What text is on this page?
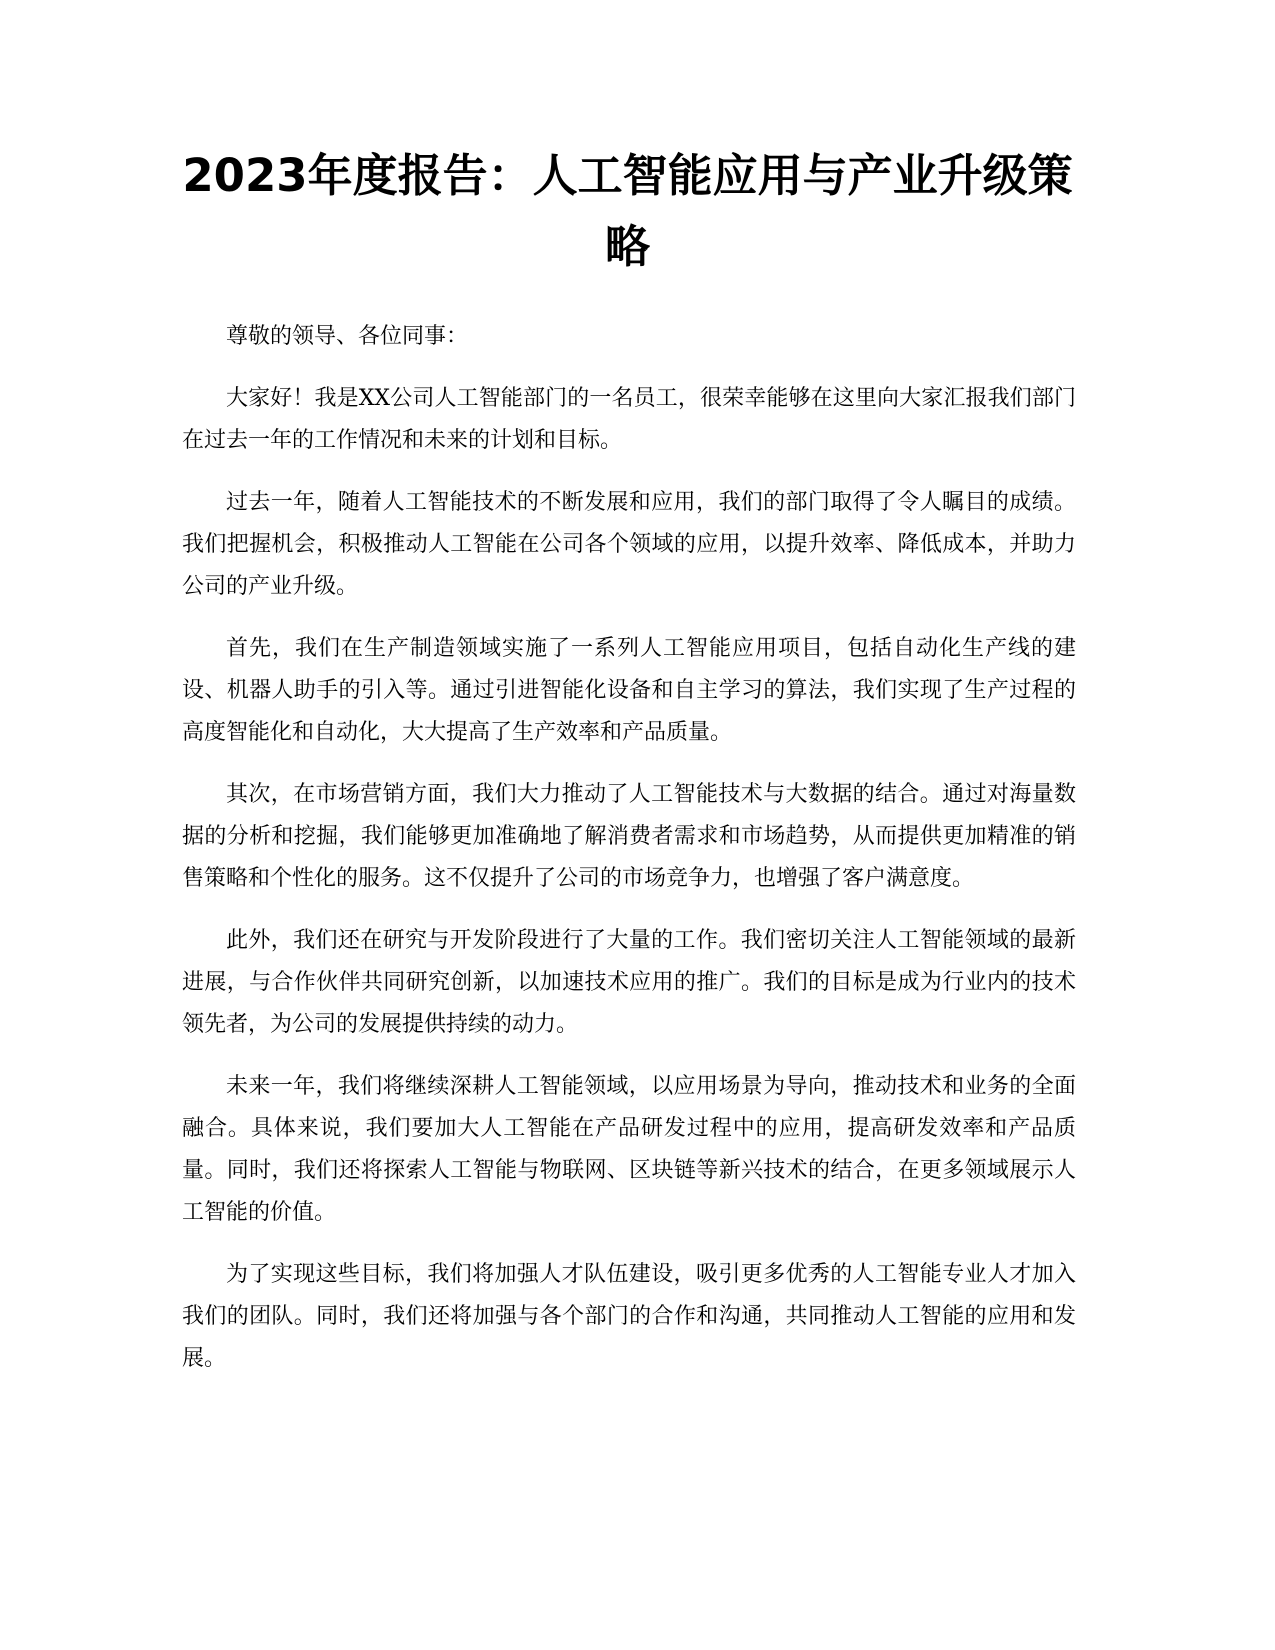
2023年度报告：人工智能应用与产业升级策略

尊敬的领导、各位同事：

大家好！我是XX公司人工智能部门的一名员工，很荣幸能够在这里向大家汇报我们部门在过去一年的工作情况和未来的计划和目标。

过去一年，随着人工智能技术的不断发展和应用，我们的部门取得了令人瞩目的成绩。我们把握机会，积极推动人工智能在公司各个领域的应用，以提升效率、降低成本，并助力公司的产业升级。

首先，我们在生产制造领域实施了一系列人工智能应用项目，包括自动化生产线的建设、机器人助手的引入等。通过引进智能化设备和自主学习的算法，我们实现了生产过程的高度智能化和自动化，大大提高了生产效率和产品质量。

其次，在市场营销方面，我们大力推动了人工智能技术与大数据的结合。通过对海量数据的分析和挖掘，我们能够更加准确地了解消费者需求和市场趋势，从而提供更加精准的销售策略和个性化的服务。这不仅提升了公司的市场竞争力，也增强了客户满意度。

此外，我们还在研究与开发阶段进行了大量的工作。我们密切关注人工智能领域的最新进展，与合作伙伴共同研究创新，以加速技术应用的推广。我们的目标是成为行业内的技术领先者，为公司的发展提供持续的动力。

未来一年，我们将继续深耕人工智能领域，以应用场景为导向，推动技术和业务的全面融合。具体来说，我们要加大人工智能在产品研发过程中的应用，提高研发效率和产品质量。同时，我们还将探索人工智能与物联网、区块链等新兴技术的结合，在更多领域展示人工智能的价值。

为了实现这些目标，我们将加强人才队伍建设，吸引更多优秀的人工智能专业人才加入我们的团队。同时，我们还将加强与各个部门的合作和沟通，共同推动人工智能的应用和发展。
